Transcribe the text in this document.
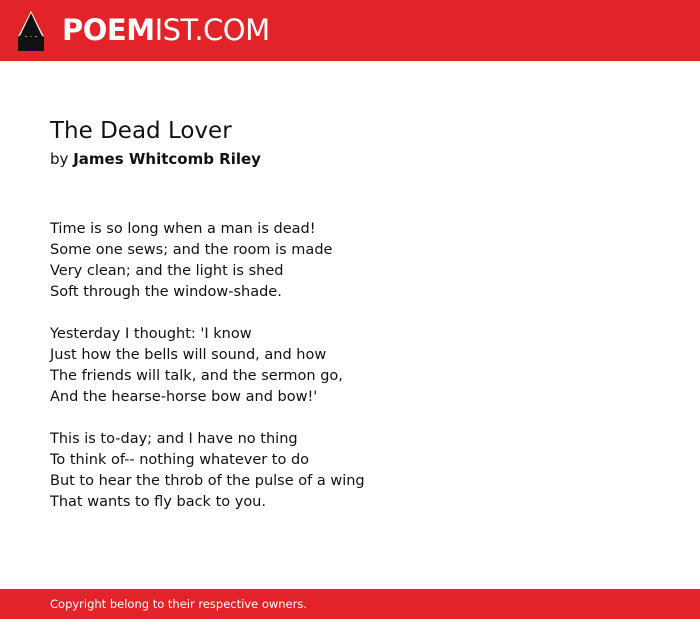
POEMIST.COM
The Dead Lover
by James Whitcomb Riley

Time is so long when a man is dead!
Some one sews; and the room is made
Very clean; and the light is shed
Soft through the window-shade.

Yesterday I thought: 'I know
Just how the bells will sound, and how
The friends will talk, and the sermon go,
And the hearse-horse bow and bow!'

This is to-day; and I have no thing
To think of-- nothing whatever to do
But to hear the throb of the pulse of a wing
That wants to fly back to you.

Copyright belong to their respective owners.
